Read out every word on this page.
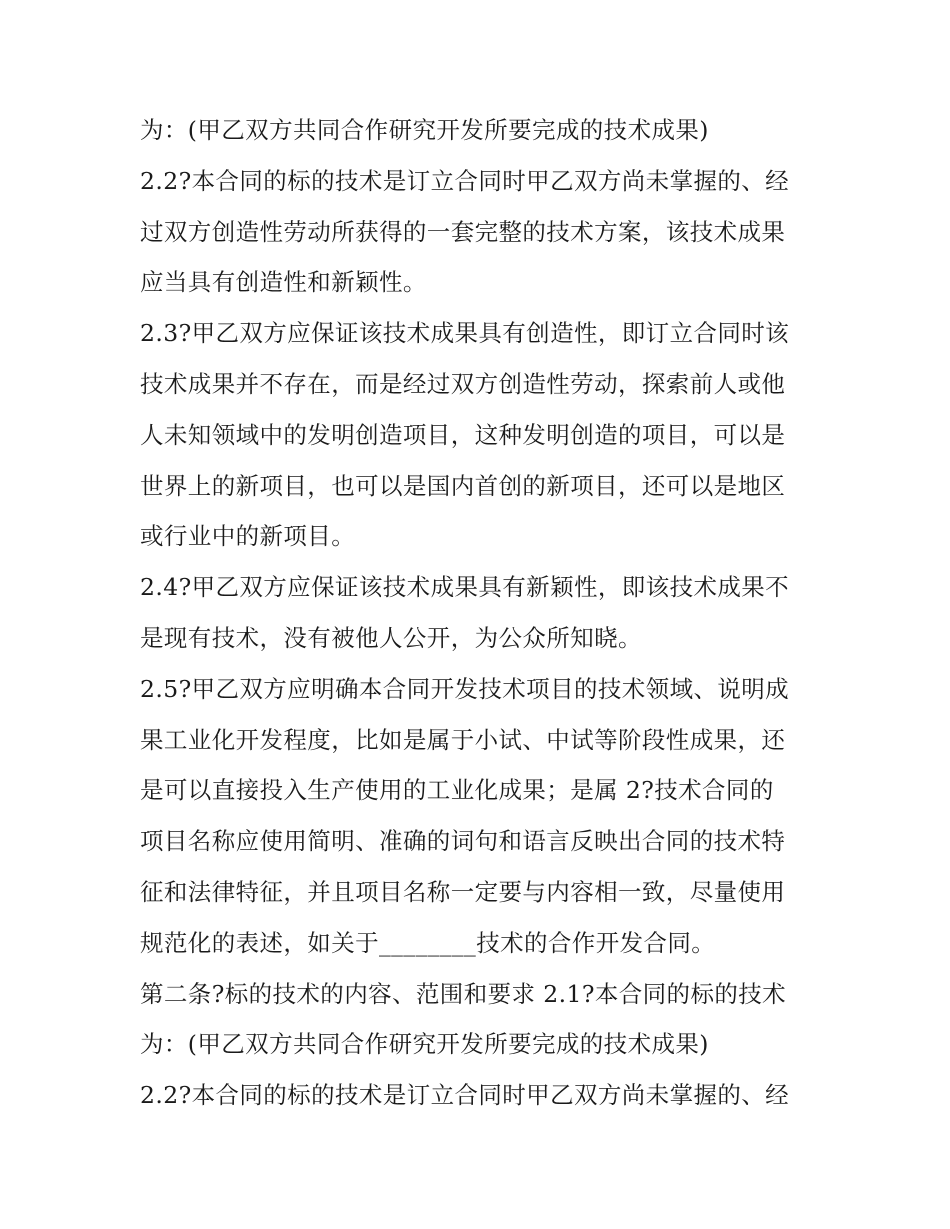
为：(甲乙双方共同合作研究开发所要完成的技术成果)
2.2?本合同的标的技术是订立合同时甲乙双方尚未掌握的、经
过双方创造性劳动所获得的一套完整的技术方案，该技术成果
应当具有创造性和新颖性。
2.3?甲乙双方应保证该技术成果具有创造性，即订立合同时该
技术成果并不存在，而是经过双方创造性劳动，探索前人或他
人未知领域中的发明创造项目，这种发明创造的项目，可以是
世界上的新项目，也可以是国内首创的新项目，还可以是地区
或行业中的新项目。
2.4?甲乙双方应保证该技术成果具有新颖性，即该技术成果不
是现有技术，没有被他人公开，为公众所知晓。
2.5?甲乙双方应明确本合同开发技术项目的技术领域、说明成
果工业化开发程度，比如是属于小试、中试等阶段性成果，还
是可以直接投入生产使用的工业化成果；是属 2?技术合同的
项目名称应使用简明、准确的词句和语言反映出合同的技术特
征和法律特征，并且项目名称一定要与内容相一致，尽量使用
规范化的表述，如关于________技术的合作开发合同。
第二条?标的技术的内容、范围和要求 2.1?本合同的标的技术
为：(甲乙双方共同合作研究开发所要完成的技术成果)
2.2?本合同的标的技术是订立合同时甲乙双方尚未掌握的、经
